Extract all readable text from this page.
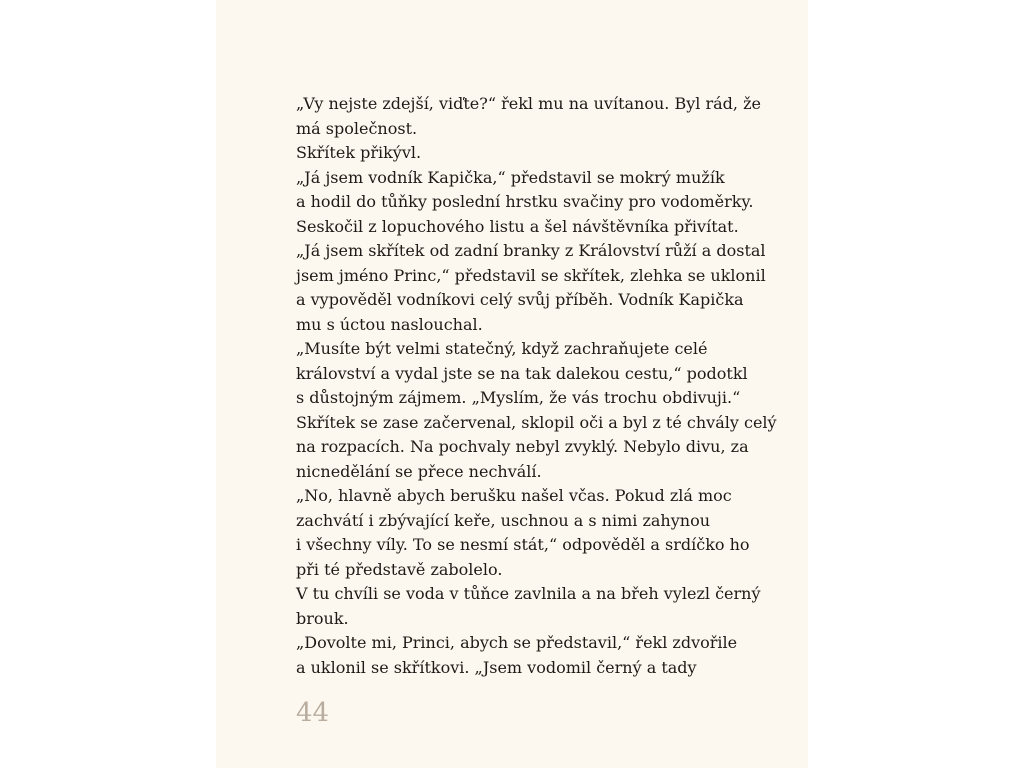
„Vy nejste zdejší, viďte?“ řekl mu na uvítanou. Byl rád, že
má společnost.
Skřítek přikývl.
„Já jsem vodník Kapička,“ představil se mokrý mužík
a hodil do tůňky poslední hrstku svačiny pro vodoměrky.
Seskočil z lopuchového listu a šel návštěvníka přivítat.
„Já jsem skřítek od zadní branky z Království růží a dostal
jsem jméno Princ,“ představil se skřítek, zlehka se uklonil
a vypověděl vodníkovi celý svůj příběh. Vodník Kapička
mu s úctou naslouchal.
„Musíte být velmi statečný, když zachraňujete celé
království a vydal jste se na tak dalekou cestu,“ podotkl
s důstojným zájmem. „Myslím, že vás trochu obdivuji.“
Skřítek se zase začervenal, sklopil oči a byl z té chvály celý
na rozpacích. Na pochvaly nebyl zvyklý. Nebylo divu, za
nicnedělání se přece nechválí.
„No, hlavně abych berušku našel včas. Pokud zlá moc
zachvátí i zbývající keře, uschnou a s nimi zahynou
i všechny víly. To se nesmí stát,“ odpověděl a srdíčko ho
při té představě zabolelo.
V tu chvíli se voda v tůňce zavlnila a na břeh vylezl černý
brouk.
„Dovolte mi, Princi, abych se představil,“ řekl zdvořile
a uklonil se skřítkovi. „Jsem vodomil černý a tady
44
